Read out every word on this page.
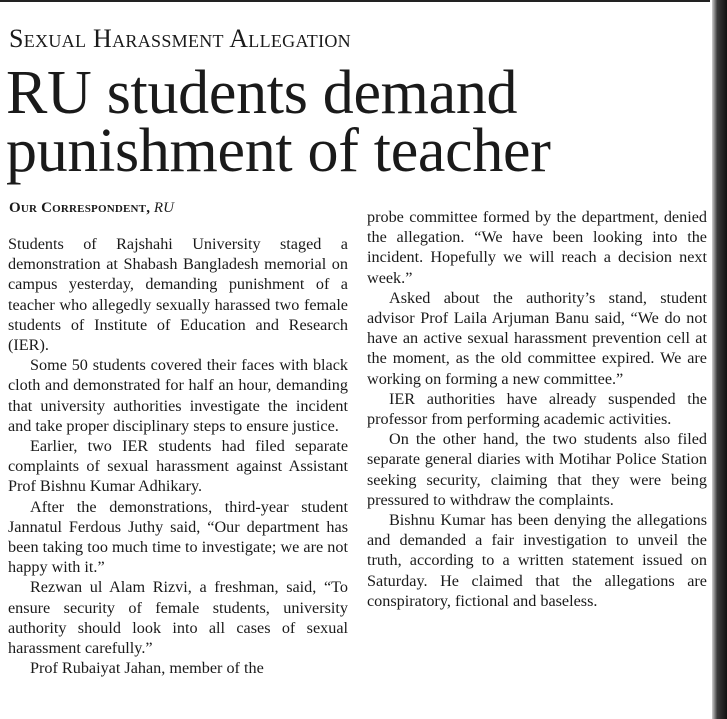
Sexual Harassment Allegation
RU students demand punishment of teacher
Our Correspondent, RU

Students of Rajshahi University staged a demonstration at Shabash Bangladesh memorial on campus yesterday, demanding punishment of a teacher who allegedly sexually harassed two female students of Institute of Education and Research (IER).

Some 50 students covered their faces with black cloth and demonstrated for half an hour, demanding that university authorities investigate the incident and take proper disciplinary steps to ensure justice.

Earlier, two IER students had filed separate complaints of sexual harassment against Assistant Prof Bishnu Kumar Adhikary.

After the demonstrations, third-year student Jannatul Ferdous Juthy said, “Our department has been taking too much time to investigate; we are not happy with it.”

Rezwan ul Alam Rizvi, a freshman, said, “To ensure security of female students, university authority should look into all cases of sexual harassment carefully.”

Prof Rubaiyat Jahan, member of the

probe committee formed by the department, denied the allegation. “We have been looking into the incident. Hopefully we will reach a decision next week.”

Asked about the authority’s stand, student advisor Prof Laila Arjuman Banu said, “We do not have an active sexual harassment prevention cell at the moment, as the old committee expired. We are working on forming a new committee.”

IER authorities have already suspended the professor from performing academic activities.

On the other hand, the two students also filed separate general diaries with Motihar Police Station seeking security, claiming that they were being pressured to withdraw the complaints.

Bishnu Kumar has been denying the allegations and demanded a fair investigation to unveil the truth, according to a written statement issued on Saturday. He claimed that the allegations are conspiratory, fictional and baseless.
